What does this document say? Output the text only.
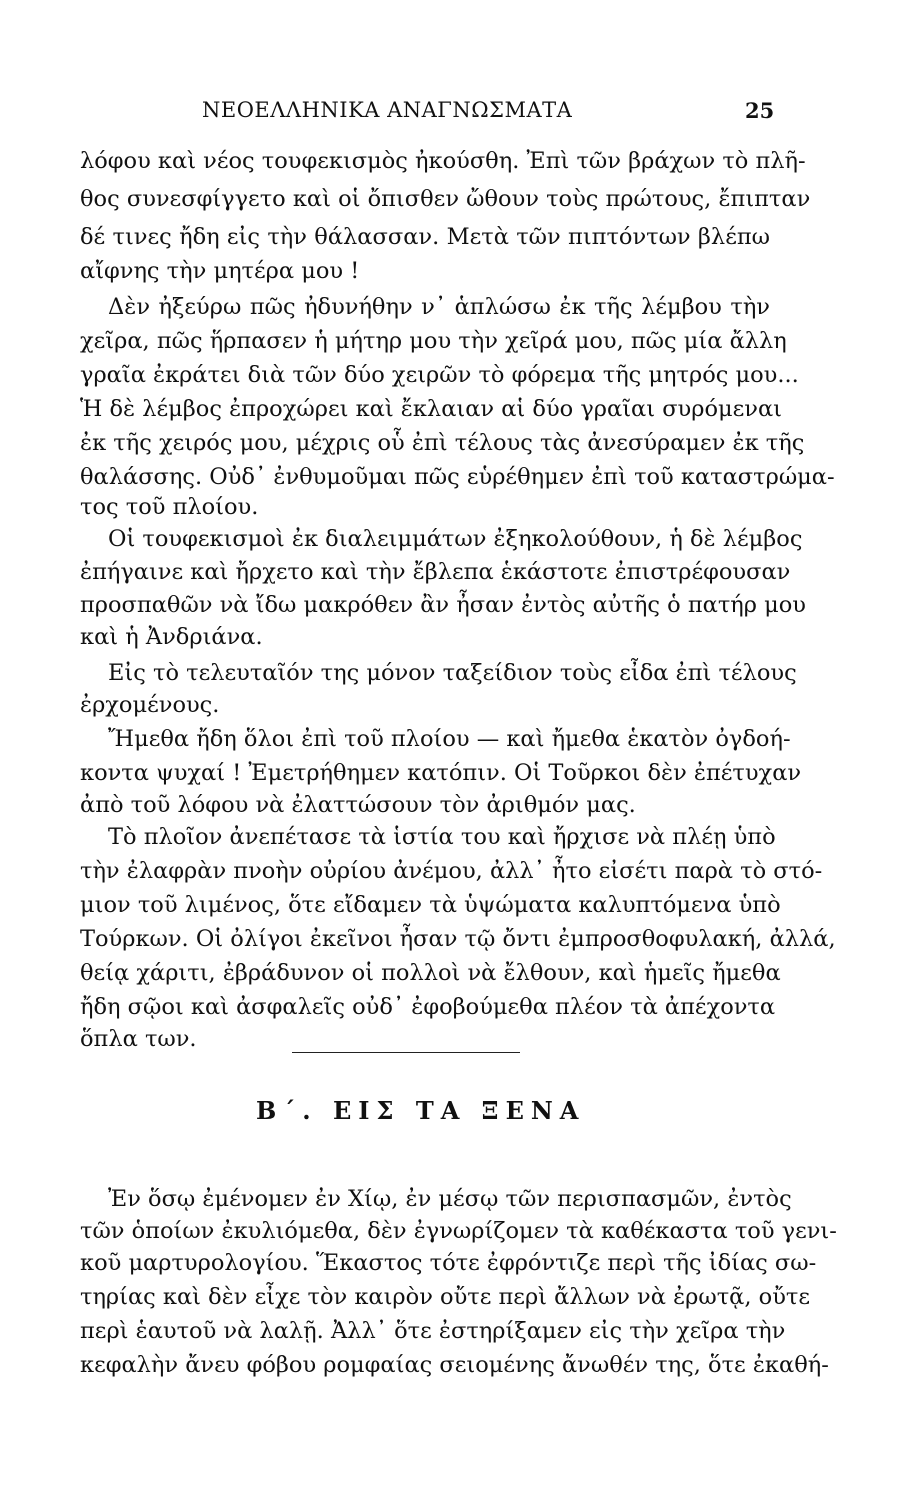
ΝΕΟΕΛΛΗΝΙΚΑ ΑΝΑΓΝΩΣΜΑΤΑ	25
λόφου καὶ νέος τουφεκισμὸς ἠκούσθη. Ἐπὶ τῶν βράχων τὸ πλῆ-
θος συνεσφίγγετο καὶ οἱ ὄπισθεν ὤθουν τοὺς πρώτους, ἔπιπταν
δέ τινες ἤδη εἰς τὴν θάλασσαν. Μετὰ τῶν πιπτόντων βλέπω
αἴφνης τὴν μητέρα μου !
Δὲν ἠξεύρω πῶς ἠδυνήθην ν᾽ ἁπλώσω ἐκ τῆς λέμβου τὴν
χεῖρα, πῶς ἥρπασεν ἡ μήτηρ μου τὴν χεῖρά μου, πῶς μία ἄλλη
γραῖα ἐκράτει διὰ τῶν δύο χειρῶν τὸ φόρεμα τῆς μητρός μου...
Ἡ δὲ λέμβος ἐπροχώρει καὶ ἔκλαιαν αἱ δύο γραῖαι συρόμεναι
ἐκ τῆς χειρός μου, μέχρις οὗ ἐπὶ τέλους τὰς ἀνεσύραμεν ἐκ τῆς
θαλάσσης. Οὐδ᾽ ἐνθυμοῦμαι πῶς εὑρέθημεν ἐπὶ τοῦ καταστρώμα-
τος τοῦ πλοίου.
Οἱ τουφεκισμοὶ ἐκ διαλειμμάτων ἐξηκολούθουν, ἡ δὲ λέμβος
ἐπήγαινε καὶ ἤρχετο καὶ τὴν ἔβλεπα ἑκάστοτε ἐπιστρέφουσαν
προσπαθῶν νὰ ἴδω μακρόθεν ἂν ἦσαν ἐντὸς αὐτῆς ὁ πατήρ μου
καὶ ἡ Ἀνδριάνα.
Εἰς τὸ τελευταῖόν της μόνον ταξείδιον τοὺς εἶδα ἐπὶ τέλους
ἐρχομένους.
Ἤμεθα ἤδη ὅλοι ἐπὶ τοῦ πλοίου — καὶ ἤμεθα ἑκατὸν ὀγδοή-
κοντα ψυχαί ! Ἐμετρήθημεν κατόπιν. Οἱ Τοῦρκοι δὲν ἐπέτυχαν
ἀπὸ τοῦ λόφου νὰ ἐλαττώσουν τὸν ἀριθμόν μας.
Τὸ πλοῖον ἀνεπέτασε τὰ ἱστία του καὶ ἤρχισε νὰ πλέῃ ὑπὸ
τὴν ἐλαφρὰν πνοὴν οὐρίου ἀνέμου, ἀλλ᾽ ἦτο εἰσέτι παρὰ τὸ στό-
μιον τοῦ λιμένος, ὅτε εἴδαμεν τὰ ὑψώματα καλυπτόμενα ὑπὸ
Τούρκων. Οἱ ὀλίγοι ἐκεῖνοι ἦσαν τῷ ὄντι ἐμπροσθοφυλακή, ἀλλά,
θείᾳ χάριτι, ἐβράδυνον οἱ πολλοὶ νὰ ἔλθουν, καὶ ἡμεῖς ἤμεθα
ἤδη σῷοι καὶ ἀσφαλεῖς οὐδ᾽ ἐφοβούμεθα πλέον τὰ ἀπέχοντα
ὅπλα των.
Β΄. ΕΙΣ ΤΑ ΞΕΝΑ
Ἐν ὅσῳ ἐμένομεν ἐν Χίῳ, ἐν μέσῳ τῶν περισπασμῶν, ἐντὸς
τῶν ὁποίων ἐκυλιόμεθα, δὲν ἐγνωρίζομεν τὰ καθέκαστα τοῦ γενι-
κοῦ μαρτυρολογίου. Ἕκαστος τότε ἐφρόντιζε περὶ τῆς ἰδίας σω-
τηρίας καὶ δὲν εἶχε τὸν καιρὸν οὔτε περὶ ἄλλων νὰ ἐρωτᾷ, οὔτε
περὶ ἑαυτοῦ νὰ λαλῇ. Ἀλλ᾽ ὅτε ἐστηρίξαμεν εἰς τὴν χεῖρα τὴν
κεφαλὴν ἄνευ φόβου ρομφαίας σειομένης ἄνωθέν της, ὅτε ἐκαθή-
